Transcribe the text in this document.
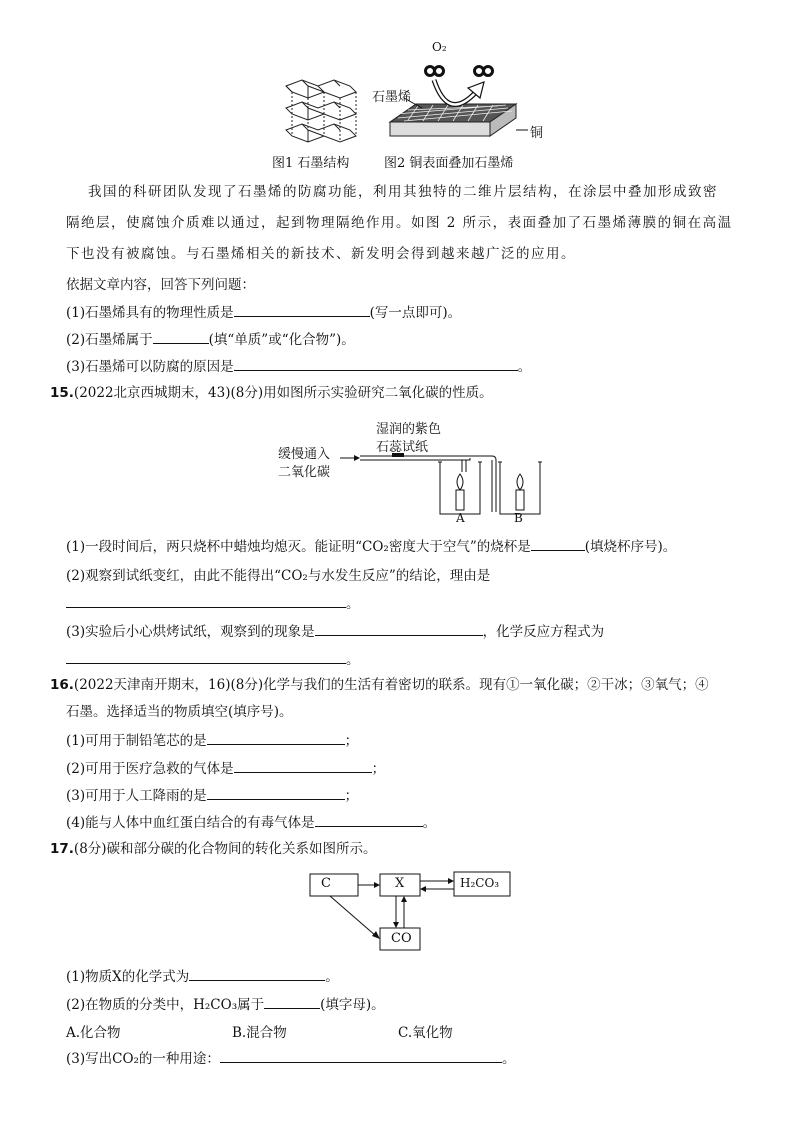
图1 石墨结构
O₂
石墨烯
铜
图2 铜表面叠加石墨烯
我国的科研团队发现了石墨烯的防腐功能，利用其独特的二维片层结构，在涂层中叠加形成致密
隔绝层，使腐蚀介质难以通过，起到物理隔绝作用。如图 2 所示，表面叠加了石墨烯薄膜的铜在高温
下也没有被腐蚀。与石墨烯相关的新技术、新发明会得到越来越广泛的应用。
依据文章内容，回答下列问题：
(1)石墨烯具有的物理性质是	(写一点即可)。
(2)石墨烯属于	(填“单质”或“化合物”)。
(3)石墨烯可以防腐的原因是	。
15.(2022北京西城期末，43)(8分)用如图所示实验研究二氧化碳的性质。
缓慢通入
二氧化碳
湿润的紫色
石蕊试纸
A	B
(1)一段时间后，两只烧杯中蜡烛均熄灭。能证明“CO₂密度大于空气”的烧杯是	(填烧杯序号)。
(2)观察到试纸变红，由此不能得出“CO₂与水发生反应”的结论，理由是
。
(3)实验后小心烘烤试纸，观察到的现象是	，化学反应方程式为
。
16.(2022天津南开期末，16)(8分)化学与我们的生活有着密切的联系。现有①一氧化碳；②干冰；③氧气；④
石墨。选择适当的物质填空(填序号)。
(1)可用于制铅笔芯的是	；
(2)可用于医疗急救的气体是	；
(3)可用于人工降雨的是	；
(4)能与人体中血红蛋白结合的有毒气体是	。
17.(8分)碳和部分碳的化合物间的转化关系如图所示。
C	X	H₂CO₃
CO
(1)物质X的化学式为	。
(2)在物质的分类中，H₂CO₃属于	(填字母)。
A.化合物	B.混合物	C.氧化物
(3)写出CO₂的一种用途：	。
